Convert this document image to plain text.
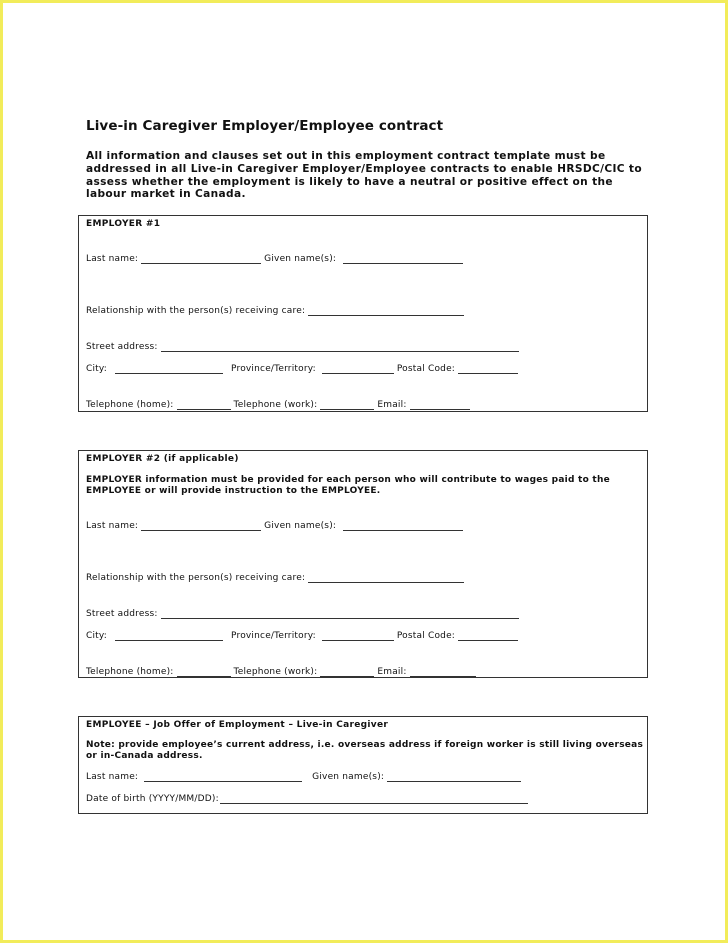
Live-in Caregiver Employer/Employee contract
All information and clauses set out in this employment contract template must be addressed in all Live-in Caregiver Employer/Employee contracts to enable HRSDC/CIC to assess whether the employment is likely to have a neutral or positive effect on the labour market in Canada.
EMPLOYER #1
Last name:	Given name(s):
Relationship with the person(s) receiving care:
Street address:
City:	Province/Territory:	Postal Code:
Telephone (home):	Telephone (work):	Email:
EMPLOYER #2 (if applicable)
EMPLOYER information must be provided for each person who will contribute to wages paid to the EMPLOYEE or will provide instruction to the EMPLOYEE.
Last name:	Given name(s):
Relationship with the person(s) receiving care:
Street address:
City:	Province/Territory:	Postal Code:
Telephone (home):	Telephone (work):	Email:
EMPLOYEE – Job Offer of Employment – Live-in Caregiver
Note: provide employee’s current address, i.e. overseas address if foreign worker is still living overseas or in-Canada address.
Last name:	Given name(s):
Date of birth (YYYY/MM/DD):
